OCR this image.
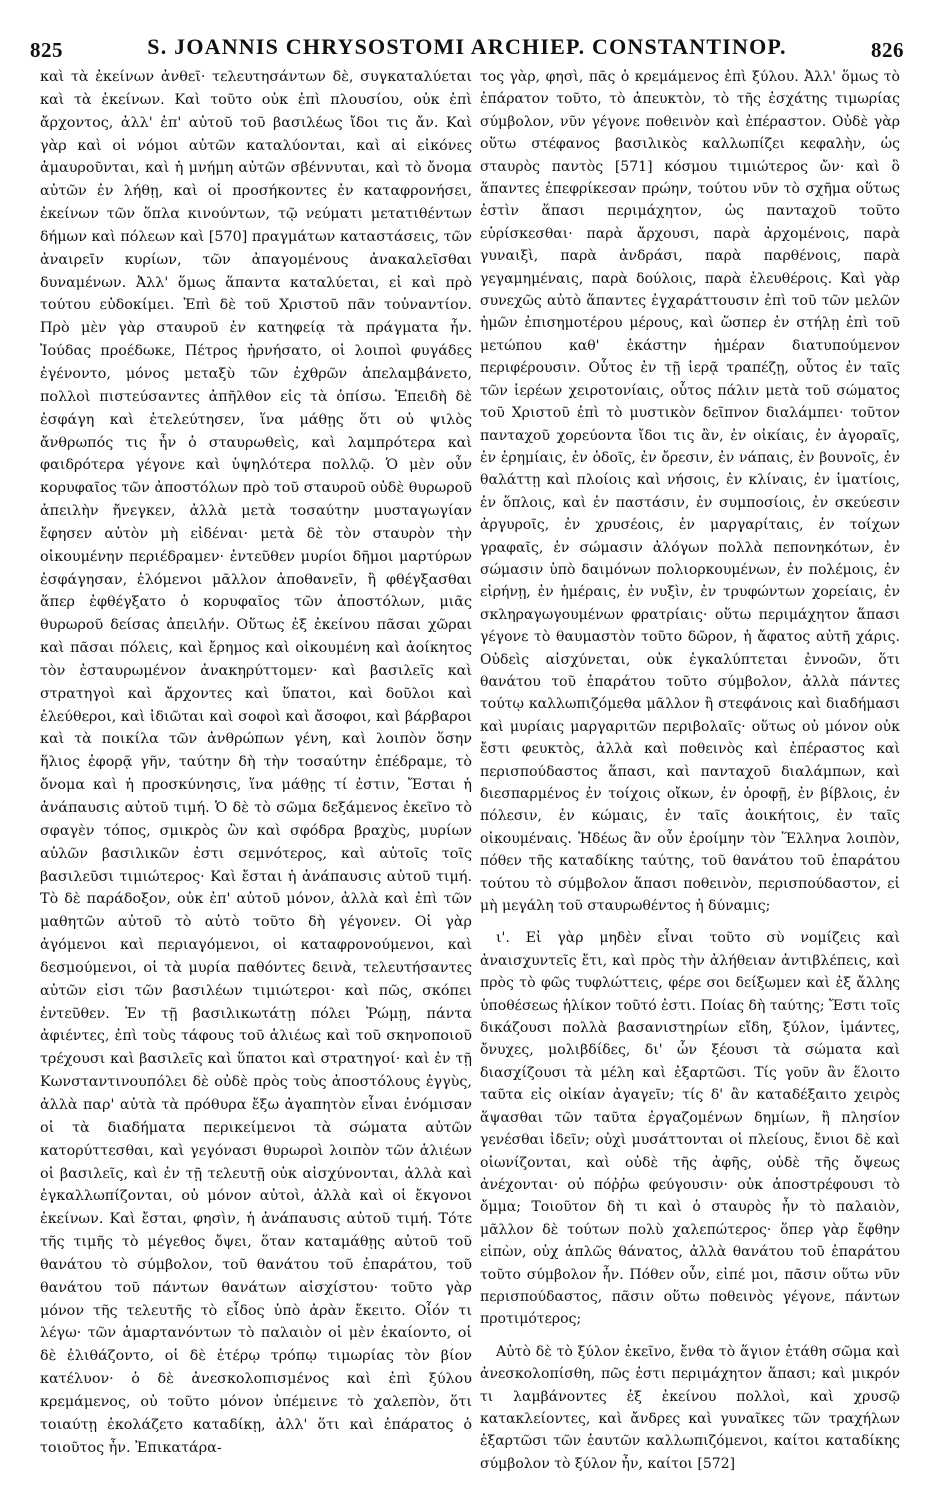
825	S. JOANNIS CHRYSOSTOMI ARCHIEP. CONSTANTINOP.	826

καὶ τὰ ἐκείνων ἀνθεῖ· τελευτησάντων δὲ, συγκαταλύεται καὶ τὰ ἐκείνων. Καὶ τοῦτο οὐκ ἐπὶ πλουσίου, οὐκ ἐπὶ ἄρχοντος, ἀλλ' ἐπ' αὐτοῦ τοῦ βασιλέως ἴδοι τις ἄν. Καὶ γὰρ καὶ οἱ νόμοι αὐτῶν καταλύονται, καὶ αἱ εἰκόνες ἀμαυροῦνται, καὶ ἡ μνήμη αὐτῶν σβέννυται, καὶ τὸ ὄνομα αὐτῶν ἐν λήθῃ, καὶ οἱ προσήκοντες ἐν καταφρονήσει, ἐκείνων τῶν ὅπλα κινούντων, τῷ νεύματι μετατιθέντων δήμων καὶ πόλεων καὶ [570] πραγμάτων καταστάσεις, τῶν ἀναιρεῖν κυρίων, τῶν ἀπαγομένους ἀνακαλεῖσθαι δυναμένων. Ἀλλ' ὅμως ἅπαντα καταλύεται, εἰ καὶ πρὸ τούτου εὐδοκίμει. Ἐπὶ δὲ τοῦ Χριστοῦ πᾶν τοὐναντίον. Πρὸ μὲν γὰρ σταυροῦ ἐν κατηφείᾳ τὰ πράγματα ἦν. Ἰούδας προέδωκε, Πέτρος ἠρνήσατο, οἱ λοιποὶ φυγάδες ἐγένοντο, μόνος μεταξὺ τῶν ἐχθρῶν ἀπελαμβάνετο, πολλοὶ πιστεύσαντες ἀπῆλθον εἰς τὰ ὀπίσω. Ἐπειδὴ δὲ ἐσφάγη καὶ ἐτελεύτησεν, ἵνα μάθῃς ὅτι οὐ ψιλὸς ἄνθρωπός τις ἦν ὁ σταυρωθεὶς, καὶ λαμπρότερα καὶ φαιδρότερα γέγονε καὶ ὑψηλότερα πολλῷ. Ὁ μὲν οὖν κορυφαῖος τῶν ἀποστόλων πρὸ τοῦ σταυροῦ οὐδὲ θυρωροῦ ἀπειλὴν ἤνεγκεν, ἀλλὰ μετὰ τοσαύτην μυσταγωγίαν ἔφησεν αὐτὸν μὴ εἰδέναι· μετὰ δὲ τὸν σταυρὸν τὴν οἰκουμένην περιέδραμεν· ἐντεῦθεν μυρίοι δῆμοι μαρτύρων ἐσφάγησαν, ἑλόμενοι μᾶλλον ἀποθανεῖν, ἢ φθέγξασθαι ἅπερ ἐφθέγξατο ὁ κορυφαῖος τῶν ἀποστόλων, μιᾶς θυρωροῦ δείσας ἀπειλήν. Οὕτως ἐξ ἐκείνου πᾶσαι χῶραι καὶ πᾶσαι πόλεις, καὶ ἔρημος καὶ οἰκουμένη καὶ ἀοίκητος τὸν ἐσταυρωμένον ἀνακηρύττομεν· καὶ βασιλεῖς καὶ στρατηγοὶ καὶ ἄρχοντες καὶ ὕπατοι, καὶ δοῦλοι καὶ ἐλεύθεροι, καὶ ἰδιῶται καὶ σοφοὶ καὶ ἄσοφοι, καὶ βάρβαροι καὶ τὰ ποικίλα τῶν ἀνθρώπων γένη, καὶ λοιπὸν ὅσην ἥλιος ἐφορᾷ γῆν, ταύτην δὴ τὴν τοσαύτην ἐπέδραμε, τὸ ὄνομα καὶ ἡ προσκύνησις, ἵνα μάθῃς τί ἐστιν, Ἔσται ἡ ἀνάπαυσις αὐτοῦ τιμή. Ὁ δὲ τὸ σῶμα δεξάμενος ἐκεῖνο τὸ σφαγὲν τόπος, σμικρὸς ὢν καὶ σφόδρα βραχὺς, μυρίων αὐλῶν βασιλικῶν ἐστι σεμνότερος, καὶ αὐτοῖς τοῖς βασιλεῦσι τιμιώτερος· Καὶ ἔσται ἡ ἀνάπαυσις αὐτοῦ τιμή. Τὸ δὲ παράδοξον, οὐκ ἐπ' αὐτοῦ μόνον, ἀλλὰ καὶ ἐπὶ τῶν μαθητῶν αὐτοῦ τὸ αὐτὸ τοῦτο δὴ γέγονεν. Οἱ γὰρ ἀγόμενοι καὶ περιαγόμενοι, οἱ καταφρονούμενοι, καὶ δεσμούμενοι, οἱ τὰ μυρία παθόντες δεινὰ, τελευτήσαντες αὐτῶν εἰσι τῶν βασιλέων τιμιώτεροι· καὶ πῶς, σκόπει ἐντεῦθεν. Ἐν τῇ βασιλικωτάτῃ πόλει Ῥώμῃ, πάντα ἀφιέντες, ἐπὶ τοὺς τάφους τοῦ ἁλιέως καὶ τοῦ σκηνοποιοῦ τρέχουσι καὶ βασιλεῖς καὶ ὕπατοι καὶ στρατηγοί· καὶ ἐν τῇ Κωνσταντινουπόλει δὲ οὐδὲ πρὸς τοὺς ἀποστόλους ἐγγὺς, ἀλλὰ παρ' αὐτὰ τὰ πρόθυρα ἔξω ἀγαπητὸν εἶναι ἐνόμισαν οἱ τὰ διαδήματα περικείμενοι τὰ σώματα αὐτῶν κατορύττεσθαι, καὶ γεγόνασι θυρωροὶ λοιπὸν τῶν ἁλιέων οἱ βασιλεῖς, καὶ ἐν τῇ τελευτῇ οὐκ αἰσχύνονται, ἀλλὰ καὶ ἐγκαλλωπίζονται, οὐ μόνον αὐτοὶ, ἀλλὰ καὶ οἱ ἔκγονοι ἐκείνων. Καὶ ἔσται, φησὶν, ἡ ἀνάπαυσις αὐτοῦ τιμή. Τότε τῆς τιμῆς τὸ μέγεθος ὄψει, ὅταν καταμάθῃς αὐτοῦ τοῦ θανάτου τὸ σύμβολον, τοῦ θανάτου τοῦ ἐπαράτου, τοῦ θανάτου τοῦ πάντων θανάτων αἰσχίστου· τοῦτο γὰρ μόνον τῆς τελευτῆς τὸ εἶδος ὑπὸ ἀρὰν ἔκειτο. Οἷόν τι λέγω· τῶν ἁμαρτανόντων τὸ παλαιὸν οἱ μὲν ἐκαίοντο, οἱ δὲ ἐλιθάζοντο, οἱ δὲ ἑτέρῳ τρόπῳ τιμωρίας τὸν βίον κατέλυον· ὁ δὲ ἀνεσκολοπισμένος καὶ ἐπὶ ξύλου κρεμάμενος, οὐ τοῦτο μόνον ὑπέμεινε τὸ χαλεπὸν, ὅτι τοιαύτῃ ἐκολάζετο καταδίκῃ, ἀλλ' ὅτι καὶ ἐπάρατος ὁ τοιοῦτος ἦν. Ἐπικατάρα-

τος γὰρ, φησὶ, πᾶς ὁ κρεμάμενος ἐπὶ ξύλου. Ἀλλ' ὅμως τὸ ἐπάρατον τοῦτο, τὸ ἀπευκτὸν, τὸ τῆς ἐσχάτης τιμωρίας σύμβολον, νῦν γέγονε ποθεινὸν καὶ ἐπέραστον. Οὐδὲ γὰρ οὕτω στέφανος βασιλικὸς καλλωπίζει κεφαλὴν, ὡς σταυρὸς παντὸς [571] κόσμου τιμιώτερος ὤν· καὶ ὃ ἅπαντες ἐπεφρίκεσαν πρώην, τούτου νῦν τὸ σχῆμα οὕτως ἐστὶν ἅπασι περιμάχητον, ὡς πανταχοῦ τοῦτο εὑρίσκεσθαι· παρὰ ἄρχουσι, παρὰ ἀρχομένοις, παρὰ γυναιξὶ, παρὰ ἀνδράσι, παρὰ παρθένοις, παρὰ γεγαμημέναις, παρὰ δούλοις, παρὰ ἐλευθέροις. Καὶ γὰρ συνεχῶς αὐτὸ ἅπαντες ἐγχαράττουσιν ἐπὶ τοῦ τῶν μελῶν ἡμῶν ἐπισημοτέρου μέρους, καὶ ὥσπερ ἐν στήλῃ ἐπὶ τοῦ μετώπου καθ' ἑκάστην ἡμέραν διατυπούμενον περιφέρουσιν. Οὗτος ἐν τῇ ἱερᾷ τραπέζῃ, οὗτος ἐν ταῖς τῶν ἱερέων χειροτονίαις, οὗτος πάλιν μετὰ τοῦ σώματος τοῦ Χριστοῦ ἐπὶ τὸ μυστικὸν δεῖπνον διαλάμπει· τοῦτον πανταχοῦ χορεύοντα ἴδοι τις ἂν, ἐν οἰκίαις, ἐν ἀγοραῖς, ἐν ἐρημίαις, ἐν ὁδοῖς, ἐν ὄρεσιν, ἐν νάπαις, ἐν βουνοῖς, ἐν θαλάττῃ καὶ πλοίοις καὶ νήσοις, ἐν κλίναις, ἐν ἱματίοις, ἐν ὅπλοις, καὶ ἐν παστάσιν, ἐν συμποσίοις, ἐν σκεύεσιν ἀργυροῖς, ἐν χρυσέοις, ἐν μαργαρίταις, ἐν τοίχων γραφαῖς, ἐν σώμασιν ἀλόγων πολλὰ πεπονηκότων, ἐν σώμασιν ὑπὸ δαιμόνων πολιορκουμένων, ἐν πολέμοις, ἐν εἰρήνῃ, ἐν ἡμέραις, ἐν νυξὶν, ἐν τρυφώντων χορείαις, ἐν σκληραγωγουμένων φρατρίαις· οὕτω περιμάχητον ἅπασι γέγονε τὸ θαυμαστὸν τοῦτο δῶρον, ἡ ἄφατος αὐτῆ χάρις. Οὐδεὶς αἰσχύνεται, οὐκ ἐγκαλύπτεται ἐννοῶν, ὅτι θανάτου τοῦ ἐπαράτου τοῦτο σύμβολον, ἀλλὰ πάντες τούτῳ καλλωπιζόμεθα μᾶλλον ἢ στεφάνοις καὶ διαδήμασι καὶ μυρίαις μαργαριτῶν περιβολαῖς· οὕτως οὐ μόνον οὐκ ἔστι φευκτὸς, ἀλλὰ καὶ ποθεινὸς καὶ ἐπέραστος καὶ περισπούδαστος ἅπασι, καὶ πανταχοῦ διαλάμπων, καὶ διεσπαρμένος ἐν τοίχοις οἴκων, ἐν ὀροφῇ, ἐν βίβλοις, ἐν πόλεσιν, ἐν κώμαις, ἐν ταῖς ἀοικήτοις, ἐν ταῖς οἰκουμέναις. Ἡδέως ἂν οὖν ἐροίμην τὸν Ἕλληνα λοιπὸν, πόθεν τῆς καταδίκης ταύτης, τοῦ θανάτου τοῦ ἐπαράτου τούτου τὸ σύμβολον ἅπασι ποθεινὸν, περισπούδαστον, εἰ μὴ μεγάλη τοῦ σταυρωθέντος ἡ δύναμις;

ι'. Εἰ γὰρ μηδὲν εἶναι τοῦτο σὺ νομίζεις καὶ ἀναισχυντεῖς ἔτι, καὶ πρὸς τὴν ἀλήθειαν ἀντιβλέπεις, καὶ πρὸς τὸ φῶς τυφλώττεις, φέρε σοι δείξωμεν καὶ ἐξ ἄλλης ὑποθέσεως ἡλίκον τοῦτό ἐστι. Ποίας δὴ ταύτης; Ἔστι τοῖς δικάζουσι πολλὰ βασανιστηρίων εἴδη, ξύλον, ἱμάντες, ὄνυχες, μολιβδίδες, δι' ὧν ξέουσι τὰ σώματα καὶ διασχίζουσι τὰ μέλη καὶ ἐξαρτῶσι. Τίς γοῦν ἂν ἕλοιτο ταῦτα εἰς οἰκίαν ἀγαγεῖν; τίς δ' ἂν καταδέξαιτο χειρὸς ἅψασθαι τῶν ταῦτα ἐργαζομένων δημίων, ἢ πλησίον γενέσθαι ἰδεῖν; οὐχὶ μυσάττονται οἱ πλείους, ἔνιοι δὲ καὶ οἰωνίζονται, καὶ οὐδὲ τῆς ἀφῆς, οὐδὲ τῆς ὄψεως ἀνέχονται· οὐ πόῤῥω φεύγουσιν· οὐκ ἀποστρέφουσι τὸ ὄμμα; Τοιοῦτον δὴ τι καὶ ὁ σταυρὸς ἦν τὸ παλαιὸν, μᾶλλον δὲ τούτων πολὺ χαλεπώτερος· ὅπερ γὰρ ἔφθην εἰπὼν, οὐχ ἁπλῶς θάνατος, ἀλλὰ θανάτου τοῦ ἐπαράτου τοῦτο σύμβολον ἦν. Πόθεν οὖν, εἰπέ μοι, πᾶσιν οὕτω νῦν περισπούδαστος, πᾶσιν οὕτω ποθεινὸς γέγονε, πάντων προτιμότερος;

Αὐτὸ δὲ τὸ ξύλον ἐκεῖνο, ἔνθα τὸ ἅγιον ἐτάθη σῶμα καὶ ἀνεσκολοπίσθη, πῶς ἐστι περιμάχητον ἅπασι; καὶ μικρόν τι λαμβάνοντες ἐξ ἐκείνου πολλοὶ, καὶ χρυσῷ κατακλείοντες, καὶ ἄνδρες καὶ γυναῖκες τῶν τραχήλων ἐξαρτῶσι τῶν ἑαυτῶν καλλωπιζόμενοι, καίτοι καταδίκης σύμβολον τὸ ξύλον ἦν, καίτοι [572]
